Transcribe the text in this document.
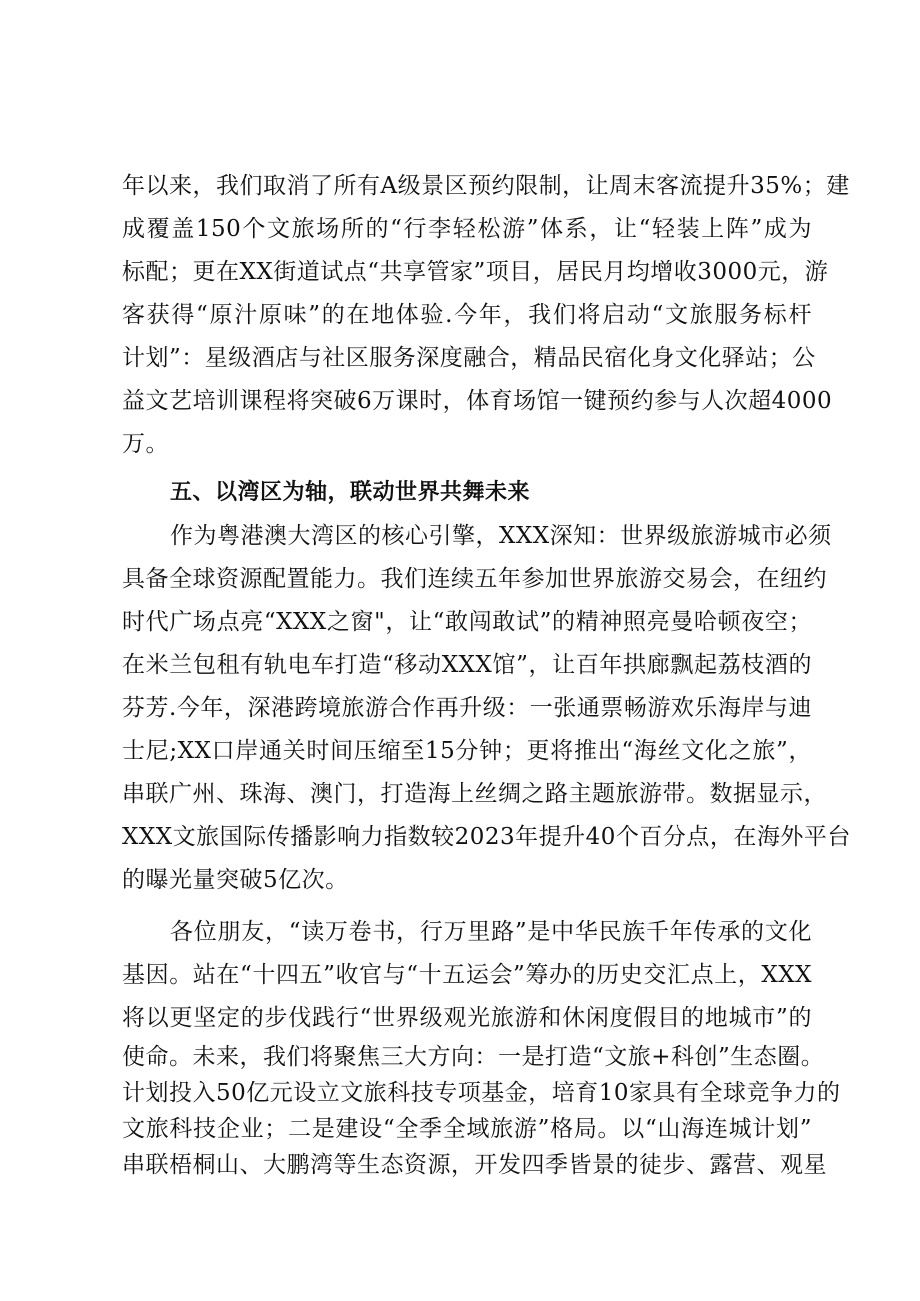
年以来，我们取消了所有A级景区预约限制，让周末客流提升35%；建
成覆盖150个文旅场所的“行李轻松游”体系，让“轻装上阵”成为
标配；更在XX街道试点“共享管家”项目，居民月均增收3000元，游
客获得“原汁原味”的在地体验.今年，我们将启动“文旅服务标杆
计划”：星级酒店与社区服务深度融合，精品民宿化身文化驿站；公
益文艺培训课程将突破6万课时，体育场馆一键预约参与人次超4000
万。
五、以湾区为轴，联动世界共舞未来
作为粤港澳大湾区的核心引擎，XXX深知：世界级旅游城市必须
具备全球资源配置能力。我们连续五年参加世界旅游交易会，在纽约
时代广场点亮“XXX之窗"，让“敢闯敢试”的精神照亮曼哈顿夜空；
在米兰包租有轨电车打造“移动XXX馆”，让百年拱廊飘起荔枝酒的
芬芳.今年，深港跨境旅游合作再升级：一张通票畅游欢乐海岸与迪
士尼;XX口岸通关时间压缩至15分钟；更将推出“海丝文化之旅”，
串联广州、珠海、澳门，打造海上丝绸之路主题旅游带。数据显示，
XXX文旅国际传播影响力指数较2023年提升40个百分点，在海外平台
的曝光量突破5亿次。
各位朋友，“读万卷书，行万里路”是中华民族千年传承的文化
基因。站在“十四五”收官与“十五运会”筹办的历史交汇点上，XXX
将以更坚定的步伐践行“世界级观光旅游和休闲度假目的地城市”的
使命。未来，我们将聚焦三大方向：一是打造“文旅+科创”生态圈。
计划投入50亿元设立文旅科技专项基金，培育10家具有全球竞争力的
文旅科技企业；二是建设“全季全域旅游”格局。以“山海连城计划”
串联梧桐山、大鹏湾等生态资源，开发四季皆景的徒步、露营、观星
